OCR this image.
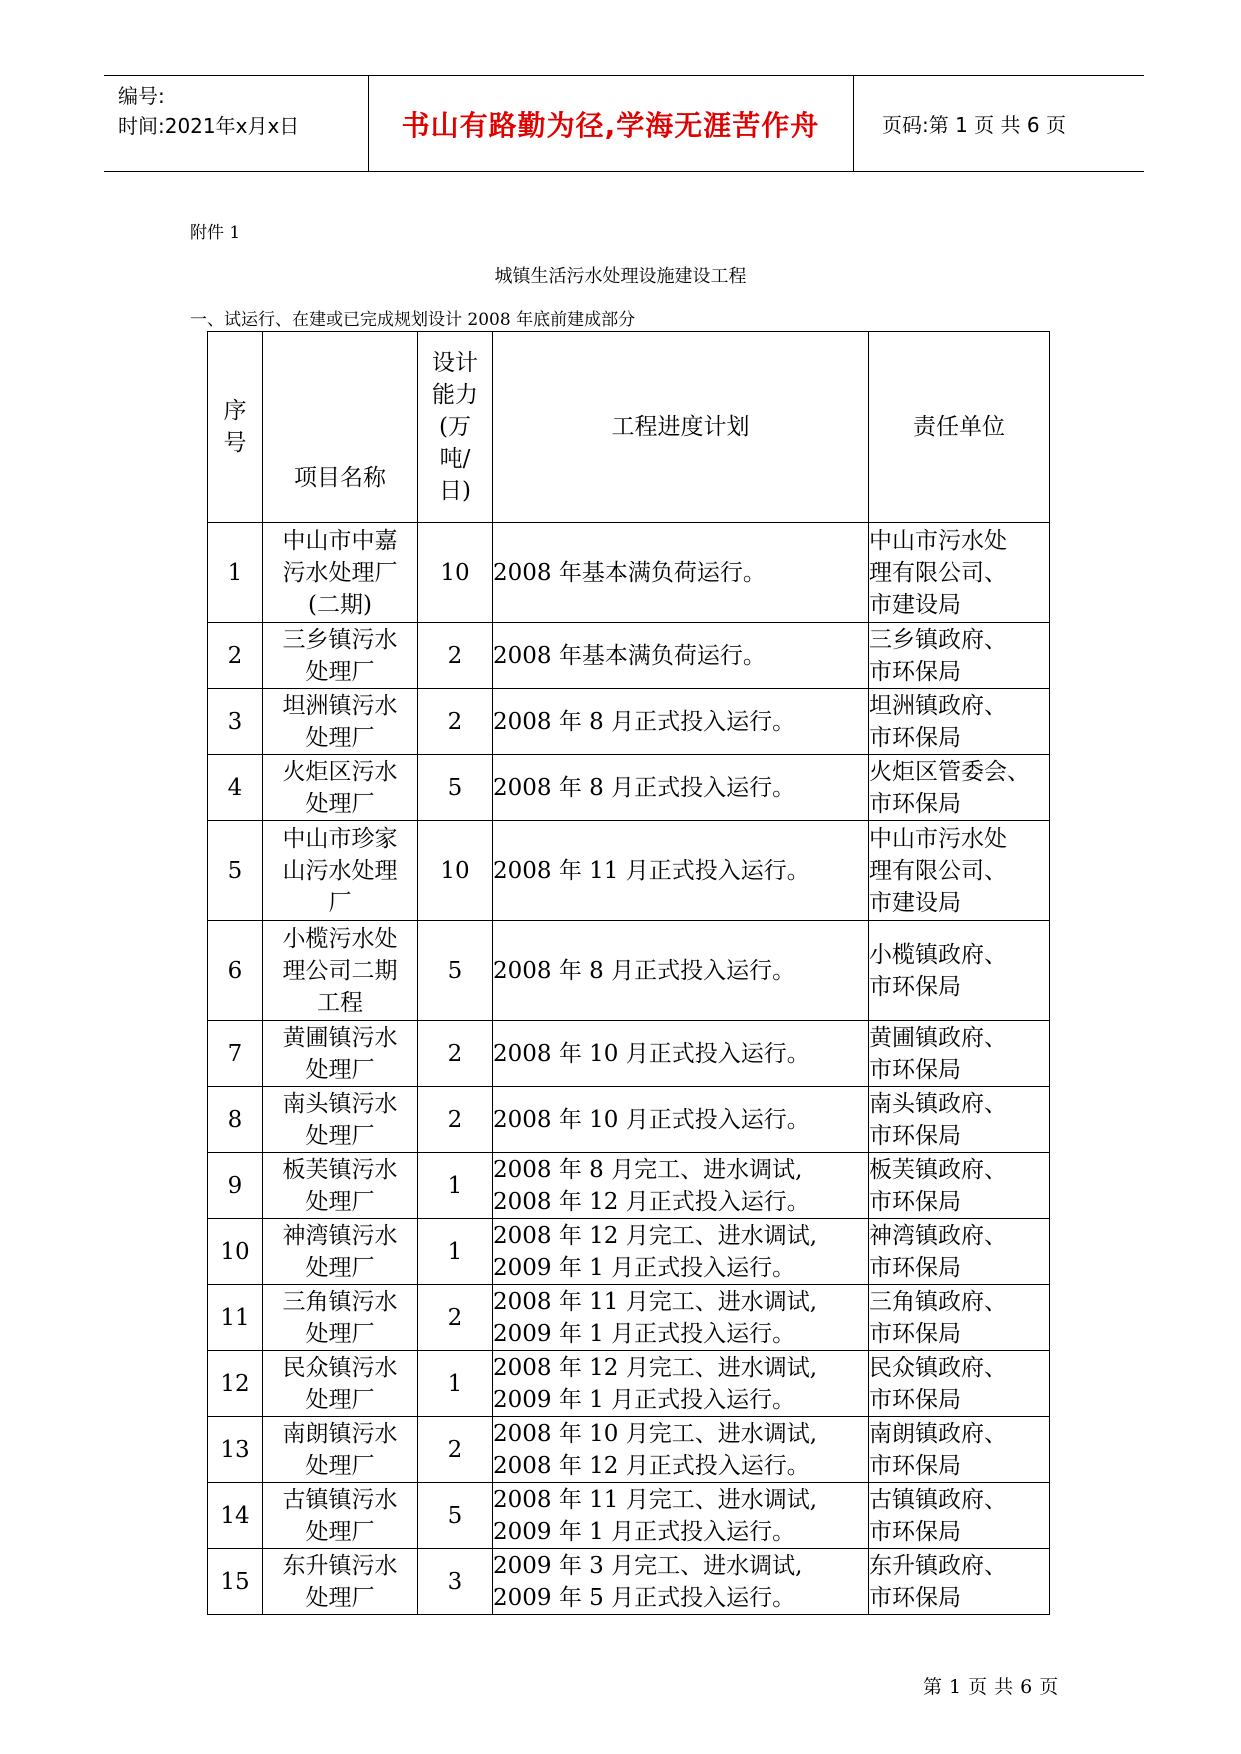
编号:
时间:2021年x月x日	书山有路勤为径,学海无涯苦作舟	页码:第 1 页 共 6 页
附件 1
城镇生活污水处理设施建设工程
一、试运行、在建或已完成规划设计 2008 年底前建成部分
序
号	项目名称	设计
能力
(万
吨/
日)	工程进度计划	责任单位

1	中山市中嘉
污水处理厂
(二期)	10	2008 年基本满负荷运行。	中山市污水处
理有限公司、
市建设局
2	三乡镇污水
处理厂	2	2008 年基本满负荷运行。	三乡镇政府、
市环保局
3	坦洲镇污水
处理厂	2	2008 年 8 月正式投入运行。	坦洲镇政府、
市环保局
4	火炬区污水
处理厂	5	2008 年 8 月正式投入运行。	火炬区管委会、
市环保局
5	中山市珍家
山污水处理
厂	10	2008 年 11 月正式投入运行。	中山市污水处
理有限公司、
市建设局
6	小榄污水处
理公司二期
工程	5	2008 年 8 月正式投入运行。	小榄镇政府、
市环保局
7	黄圃镇污水
处理厂	2	2008 年 10 月正式投入运行。	黄圃镇政府、
市环保局
8	南头镇污水
处理厂	2	2008 年 10 月正式投入运行。	南头镇政府、
市环保局
9	板芙镇污水
处理厂	1	2008 年 8 月完工、进水调试,
2008 年 12 月正式投入运行。	板芙镇政府、
市环保局
10	神湾镇污水
处理厂	1	2008 年 12 月完工、进水调试,
2009 年 1 月正式投入运行。	神湾镇政府、
市环保局
11	三角镇污水
处理厂	2	2008 年 11 月完工、进水调试,
2009 年 1 月正式投入运行。	三角镇政府、
市环保局
12	民众镇污水
处理厂	1	2008 年 12 月完工、进水调试,
2009 年 1 月正式投入运行。	民众镇政府、
市环保局
13	南朗镇污水
处理厂	2	2008 年 10 月完工、进水调试,
2008 年 12 月正式投入运行。	南朗镇政府、
市环保局
14	古镇镇污水
处理厂	5	2008 年 11 月完工、进水调试,
2009 年 1 月正式投入运行。	古镇镇政府、
市环保局
15	东升镇污水
处理厂	3	2009 年 3 月完工、进水调试,
2009 年 5 月正式投入运行。	东升镇政府、
市环保局
第 1 页 共 6 页
